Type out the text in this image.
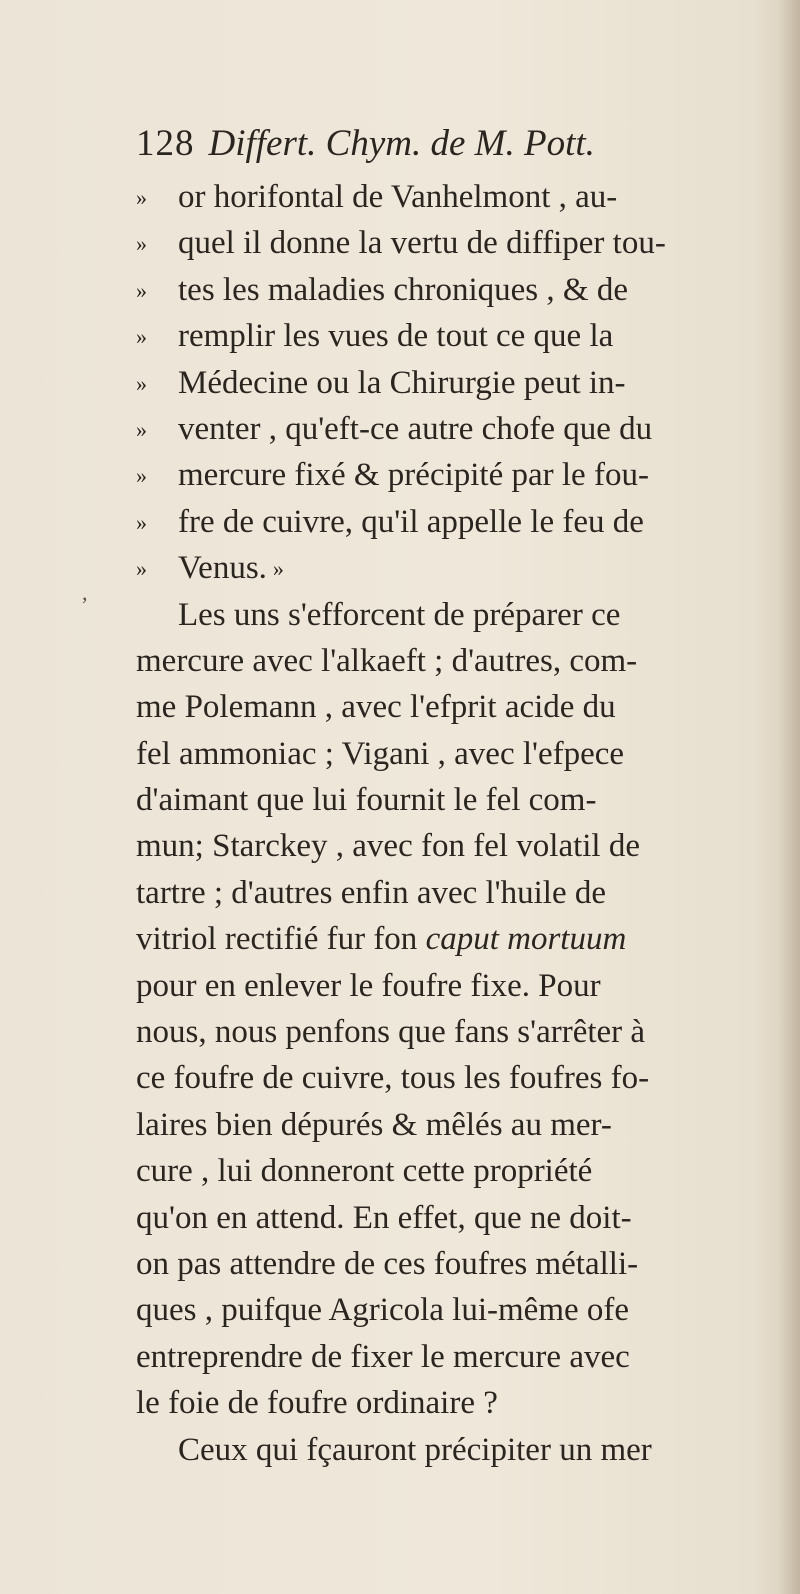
128 Differt. Chym. de M. Pott.
,
» or horifontal de Vanhelmont , au-
» quel il donne la vertu de diffiper tou-
» tes les maladies chroniques , & de
» remplir les vues de tout ce que la
» Médecine ou la Chirurgie peut in-
» venter , qu'eft-ce autre chofe que du
» mercure fixé & précipité par le fou-
» fre de cuivre, qu'il appelle le feu de
» Venus. »
Les uns s'efforcent de préparer ce
mercure avec l'alkaeft ; d'autres, com-
me Polemann , avec l'efprit acide du
fel ammoniac ; Vigani , avec l'efpece
d'aimant que lui fournit le fel com-
mun; Starckey , avec fon fel volatil de
tartre ; d'autres enfin avec l'huile de
vitriol rectifié fur fon caput mortuum
pour en enlever le foufre fixe. Pour
nous, nous penfons que fans s'arrêter à
ce foufre de cuivre, tous les foufres fo-
laires bien dépurés & mêlés au mer-
cure , lui donneront cette propriété
qu'on en attend. En effet, que ne doit-
on pas attendre de ces foufres métalli-
ques , puifque Agricola lui-même ofe
entreprendre de fixer le mercure avec
le foie de foufre ordinaire ?
Ceux qui fçauront précipiter un mer
